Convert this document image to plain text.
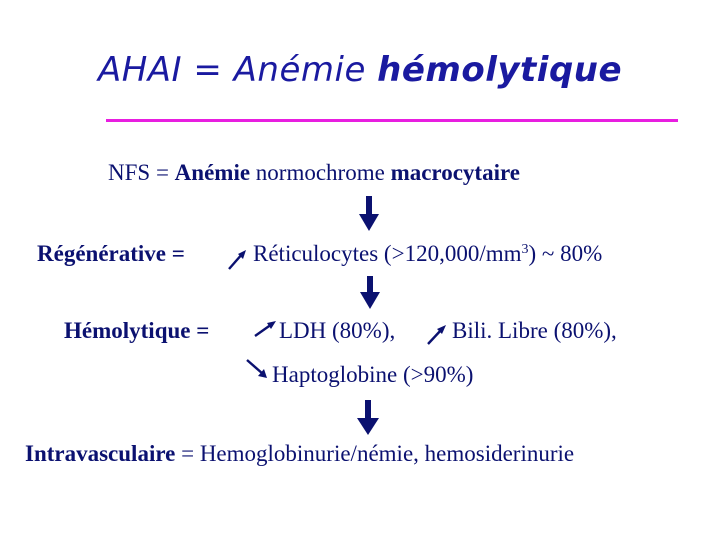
AHAI = Anémie hémolytique
NFS = Anémie normochrome macrocytaire
Régénérative =	Réticulocytes $(>120,000/mm^3)$ ~ 80%
Hémolytique =	LDH (80%), Bili. Libre (80%),
Haptoglobine (>90%)
Intravasculaire = Hemoglobinurie/némie, hemosiderinurie
